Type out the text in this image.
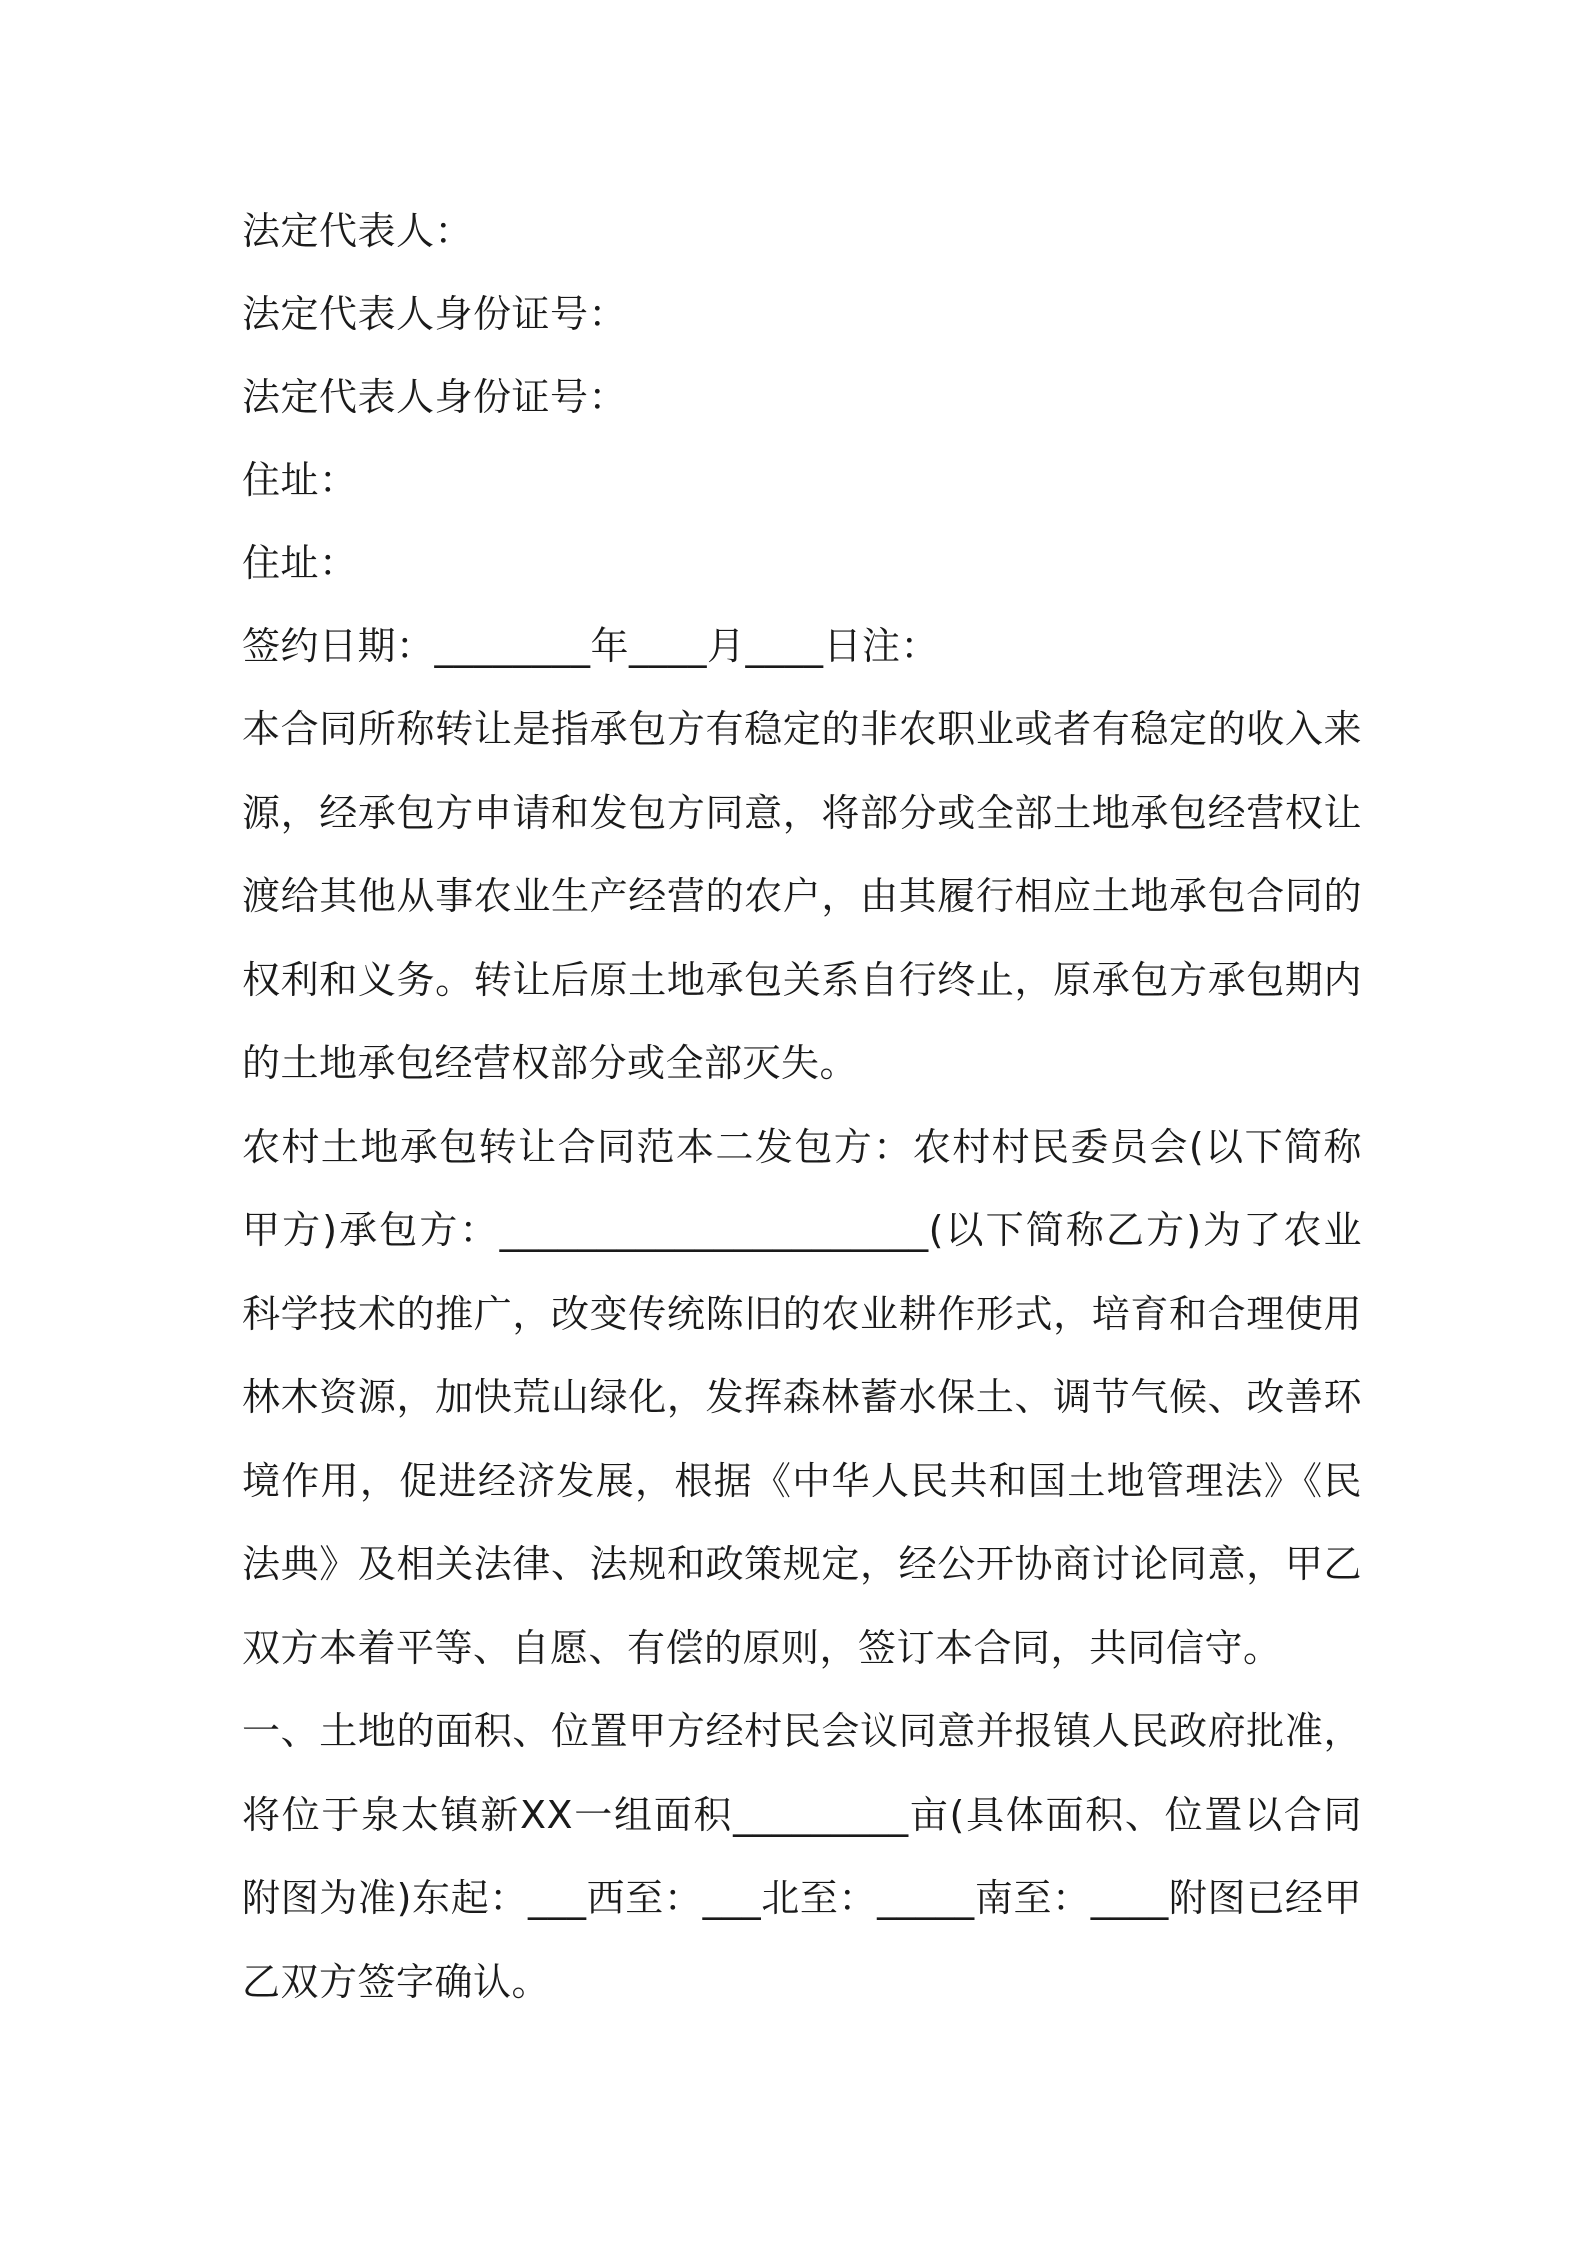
法定代表人：
法定代表人身份证号：
法定代表人身份证号：
住址：
住址：
签约日期：________年____月____日注：
本合同所称转让是指承包方有稳定的非农职业或者有稳定的收入来源，经承包方申请和发包方同意，将部分或全部土地承包经营权让渡给其他从事农业生产经营的农户，由其履行相应土地承包合同的权利和义务。转让后原土地承包关系自行终止，原承包方承包期内的土地承包经营权部分或全部灭失。
农村土地承包转让合同范本二发包方：农村村民委员会(以下简称甲方)承包方：______________________(以下简称乙方)为了农业科学技术的推广，改变传统陈旧的农业耕作形式，培育和合理使用林木资源，加快荒山绿化，发挥森林蓄水保土、调节气候、改善环境作用，促进经济发展，根据《中华人民共和国土地管理法》《民法典》及相关法律、法规和政策规定，经公开协商讨论同意，甲乙双方本着平等、自愿、有偿的原则，签订本合同，共同信守。
一、土地的面积、位置甲方经村民会议同意并报镇人民政府批准，将位于泉太镇新XX一组面积_________亩(具体面积、位置以合同附图为准)东起：___西至：___北至：_____南至：____附图已经甲乙双方签字确认。
